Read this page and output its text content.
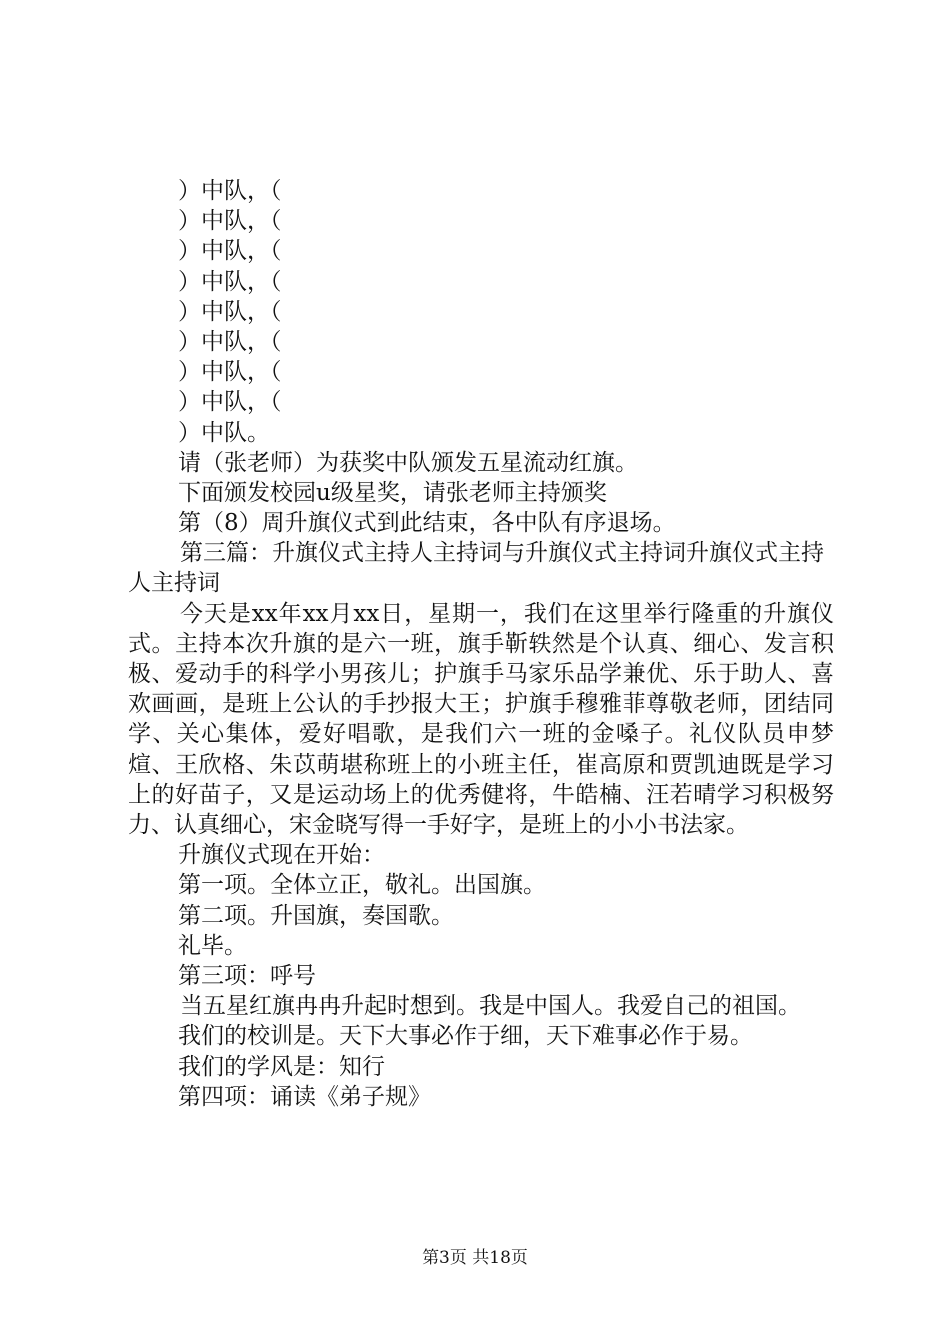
）中队，（
）中队，（
）中队，（
）中队，（
）中队，（
）中队，（
）中队，（
）中队，（
）中队。
请（张老师）为获奖中队颁发五星流动红旗。
下面颁发校园u级星奖，请张老师主持颁奖
第（8）周升旗仪式到此结束，各中队有序退场。

第三篇：升旗仪式主持人主持词与升旗仪式主持词升旗仪式主持人主持词

今天是xx年xx月xx日，星期一，我们在这里举行隆重的升旗仪式。主持本次升旗的是六一班，旗手靳轶然是个认真、细心、发言积极、爱动手的科学小男孩儿；护旗手马家乐品学兼优、乐于助人、喜欢画画，是班上公认的手抄报大王；护旗手穆雅菲尊敬老师，团结同学、关心集体，爱好唱歌，是我们六一班的金嗓子。礼仪队员申梦煊、王欣格、朱苡萌堪称班上的小班主任，崔高原和贾凯迪既是学习上的好苗子，又是运动场上的优秀健将，牛皓楠、汪若晴学习积极努力、认真细心，宋金晓写得一手好字，是班上的小小书法家。

升旗仪式现在开始：
第一项。全体立正，敬礼。出国旗。
第二项。升国旗，奏国歌。
礼毕。
第三项：呼号

当五星红旗冉冉升起时想到。我是中国人。我爱自己的祖国。

我们的校训是。天下大事必作于细，天下难事必作于易。
我们的学风是：知行
第四项：诵读《弟子规》
第3页 共18页
